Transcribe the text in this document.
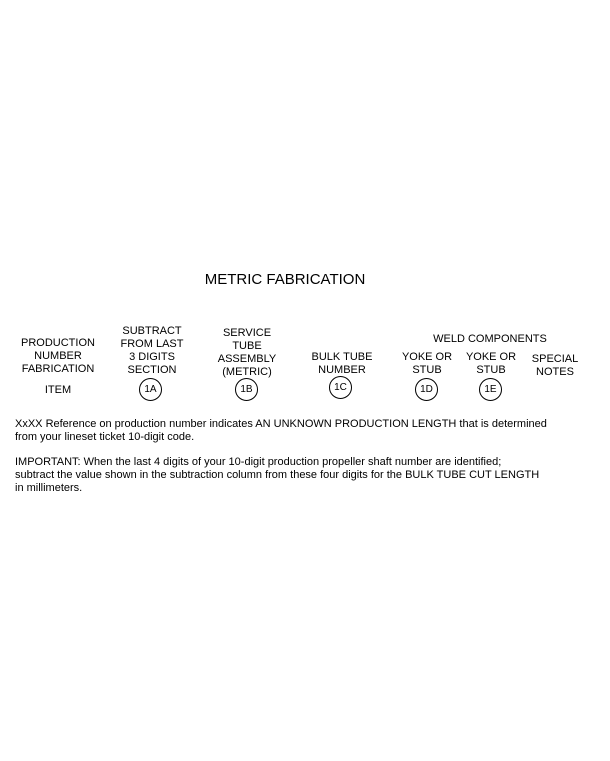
METRIC FABRICATION
PRODUCTION
NUMBER
FABRICATION
ITEM
SUBTRACT
FROM LAST
3 DIGITS
SECTION
1A
SERVICE
TUBE
ASSEMBLY
(METRIC)
1B
BULK TUBE
NUMBER
1C
WELD COMPONENTS
YOKE OR
STUB
1D
YOKE OR
STUB
1E
SPECIAL
NOTES
XxXX Reference on production number indicates AN UNKNOWN PRODUCTION LENGTH that is determined
from your lineset ticket 10-digit code.
IMPORTANT: When the last 4 digits of your 10-digit production propeller shaft number are identified;
subtract the value shown in the subtraction column from these four digits for the BULK TUBE CUT LENGTH
in millimeters.
